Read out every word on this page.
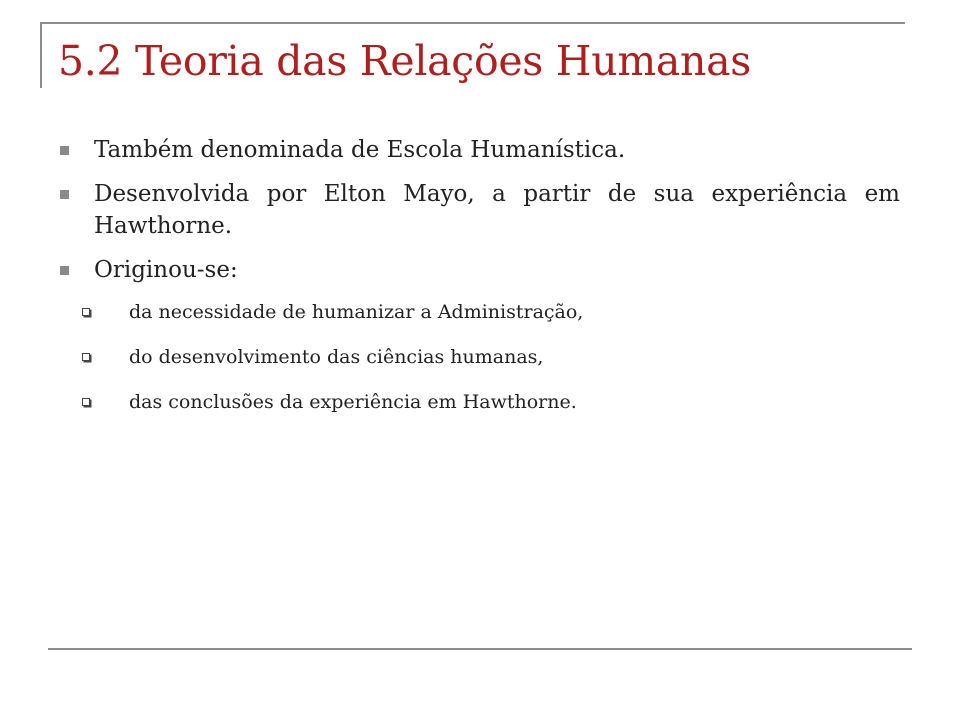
5.2 Teoria das Relações Humanas
Também denominada de Escola Humanística.
Desenvolvida por Elton Mayo, a partir de sua experiência em Hawthorne.
Originou-se:
da necessidade de humanizar a Administração,
do desenvolvimento das ciências humanas,
das conclusões da experiência em Hawthorne.
